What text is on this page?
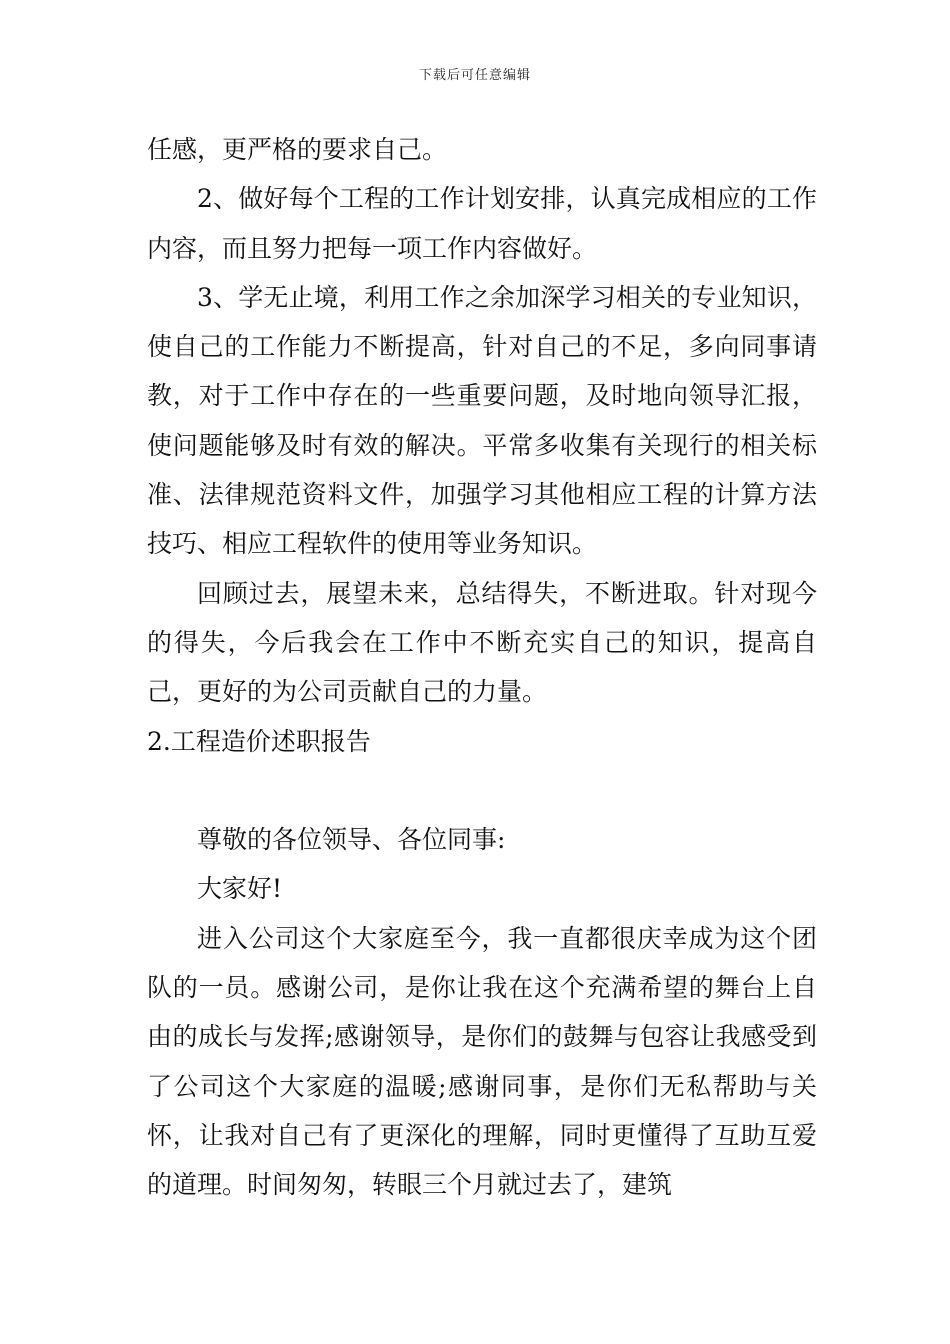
下载后可任意编辑

任感，更严格的要求自己。

2、做好每个工程的工作计划安排，认真完成相应的工作内容，而且努力把每一项工作内容做好。

3、学无止境，利用工作之余加深学习相关的专业知识，使自己的工作能力不断提高，针对自己的不足，多向同事请教，对于工作中存在的一些重要问题，及时地向领导汇报，使问题能够及时有效的解决。平常多收集有关现行的相关标准、法律规范资料文件，加强学习其他相应工程的计算方法技巧、相应工程软件的使用等业务知识。

回顾过去，展望未来，总结得失，不断进取。针对现今的得失，今后我会在工作中不断充实自己的知识，提高自己，更好的为公司贡献自己的力量。

2.工程造价述职报告

尊敬的各位领导、各位同事:

大家好!

进入公司这个大家庭至今，我一直都很庆幸成为这个团队的一员。感谢公司，是你让我在这个充满希望的舞台上自由的成长与发挥;感谢领导，是你们的鼓舞与包容让我感受到了公司这个大家庭的温暖;感谢同事，是你们无私帮助与关怀，让我对自己有了更深化的理解，同时更懂得了互助互爱的道理。时间匆匆，转眼三个月就过去了，建筑
